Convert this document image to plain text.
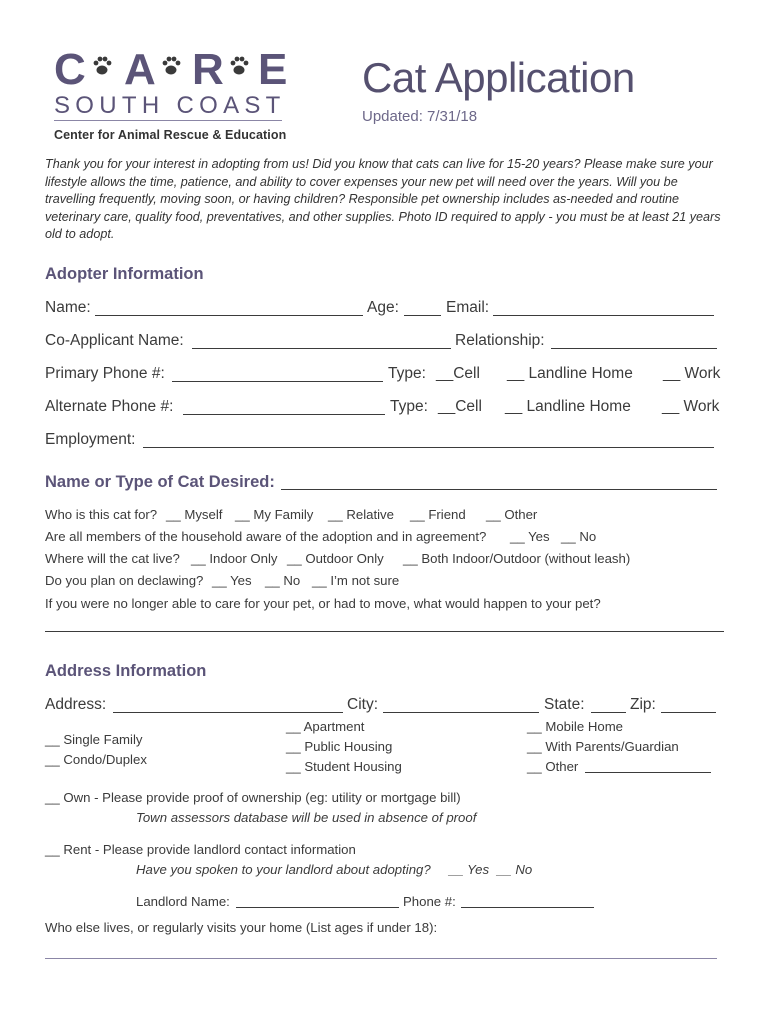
C A R E
SOUTH COAST
Center for Animal Rescue & Education
Cat Application
Updated: 7/31/18
Thank you for your interest in adopting from us! Did you know that cats can live for 15-20 years? Please make sure your lifestyle allows the time, patience, and ability to cover expenses your new pet will need over the years. Will you be travelling frequently, moving soon, or having children? Responsible pet ownership includes as-needed and routine veterinary care, quality food, preventatives, and other supplies. Photo ID required to apply - you must be at least 21 years old to adopt.
Adopter Information
Name:	Age:	Email:
Co-Applicant Name:	Relationship:
Primary Phone #:	Type: __Cell __ Landline Home __ Work
Alternate Phone #:	Type: __Cell __ Landline Home __ Work
Employment:
Name or Type of Cat Desired:
Who is this cat for? __ Myself __ My Family __ Relative __ Friend __ Other
Are all members of the household aware of the adoption and in agreement? __ Yes __ No
Where will the cat live? __ Indoor Only __ Outdoor Only __ Both Indoor/Outdoor (without leash)
Do you plan on declawing? __ Yes __ No __ I’m not sure
If you were no longer able to care for your pet, or had to move, what would happen to your pet?
Address Information
Address:	City:	State:	Zip:
__ Single Family
__ Condo/Duplex
__ Apartment
__ Public Housing
__ Student Housing
__ Mobile Home
__ With Parents/Guardian
__ Other
__ Own - Please provide proof of ownership (eg: utility or mortgage bill)
Town assessors database will be used in absence of proof
__ Rent - Please provide landlord contact information
Have you spoken to your landlord about adopting? __ Yes __ No
Landlord Name:	Phone #:
Who else lives, or regularly visits your home (List ages if under 18):
